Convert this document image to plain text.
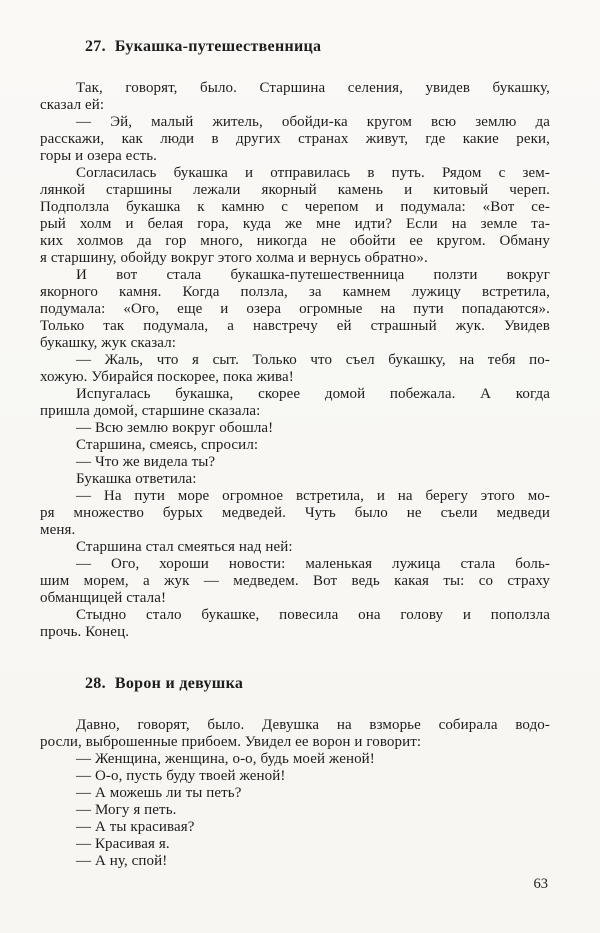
27. Букашка-путешественница

Так, говорят, было. Старшина селения, увидев букашку,
сказал ей:

— Эй, малый житель, обойди-ка кругом всю землю да
расскажи, как люди в других странах живут, где какие реки,
горы и озера есть.

Согласилась букашка и отправилась в путь. Рядом с зем-
лянкой старшины лежали якорный камень и китовый череп.
Подползла букашка к камню с черепом и подумала: «Вот се-
рый холм и белая гора, куда же мне идти? Если на земле та-
ких холмов да гор много, никогда не обойти ее кругом. Обману
я старшину, обойду вокруг этого холма и вернусь обратно».

И вот стала букашка-путешественница ползти вокруг
якорного камня. Когда ползла, за камнем лужицу встретила,
подумала: «Ого, еще и озера огромные на пути попадаются».
Только так подумала, а навстречу ей страшный жук. Увидев
букашку, жук сказал:

— Жаль, что я сыт. Только что съел букашку, на тебя по-
хожую. Убирайся поскорее, пока жива!

Испугалась букашка, скорее домой побежала. А когда
пришла домой, старшине сказала:

— Всю землю вокруг обошла!

Старшина, смеясь, спросил:

— Что же видела ты?

Букашка ответила:

— На пути море огромное встретила, и на берегу этого мо-
ря множество бурых медведей. Чуть было не съели медведи
меня.

Старшина стал смеяться над ней:

— Ого, хороши новости: маленькая лужица стала боль-
шим морем, а жук — медведем. Вот ведь какая ты: со страху
обманщицей стала!

Стыдно стало букашке, повесила она голову и поползла
прочь. Конец.

28. Ворон и девушка

Давно, говорят, было. Девушка на взморье собирала водо-
росли, выброшенные прибоем. Увидел ее ворон и говорит:

— Женщина, женщина, о-о, будь моей женой!

— О-о, пусть буду твоей женой!

— А можешь ли ты петь?

— Могу я петь.

— А ты красивая?

— Красивая я.

— А ну, спой!

63
